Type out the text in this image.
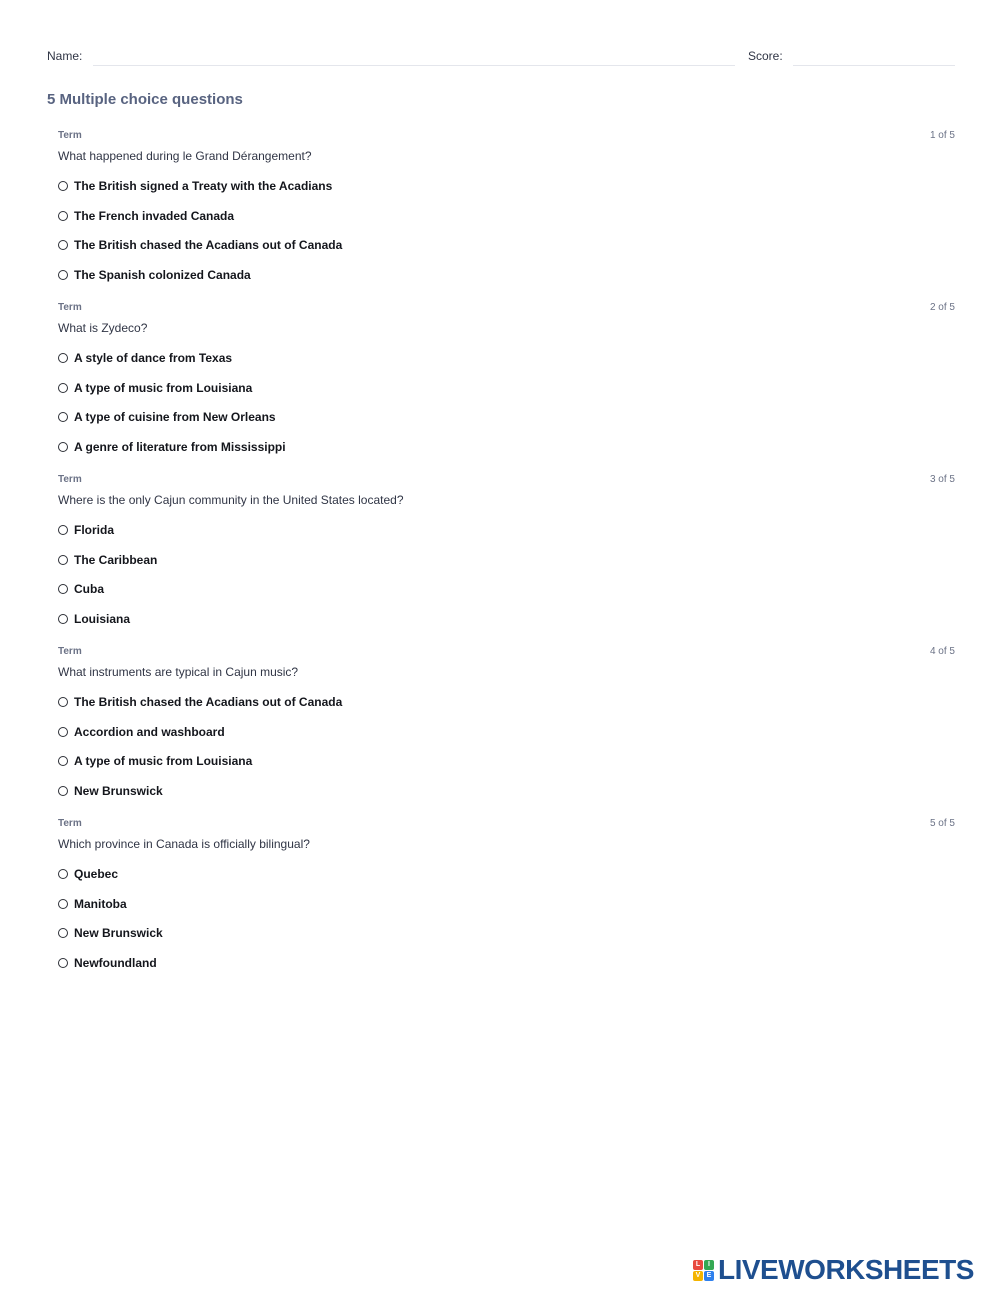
Name:	Score:
5 Multiple choice questions
Term	1 of 5
What happened during le Grand Dérangement?
The British signed a Treaty with the Acadians
The French invaded Canada
The British chased the Acadians out of Canada
The Spanish colonized Canada
Term	2 of 5
What is Zydeco?
A style of dance from Texas
A type of music from Louisiana
A type of cuisine from New Orleans
A genre of literature from Mississippi
Term	3 of 5
Where is the only Cajun community in the United States located?
Florida
The Caribbean
Cuba
Louisiana
Term	4 of 5
What instruments are typical in Cajun music?
The British chased the Acadians out of Canada
Accordion and washboard
A type of music from Louisiana
New Brunswick
Term	5 of 5
Which province in Canada is officially bilingual?
Quebec
Manitoba
New Brunswick
Newfoundland
L	I
V E LIVEWORKSHEETS
